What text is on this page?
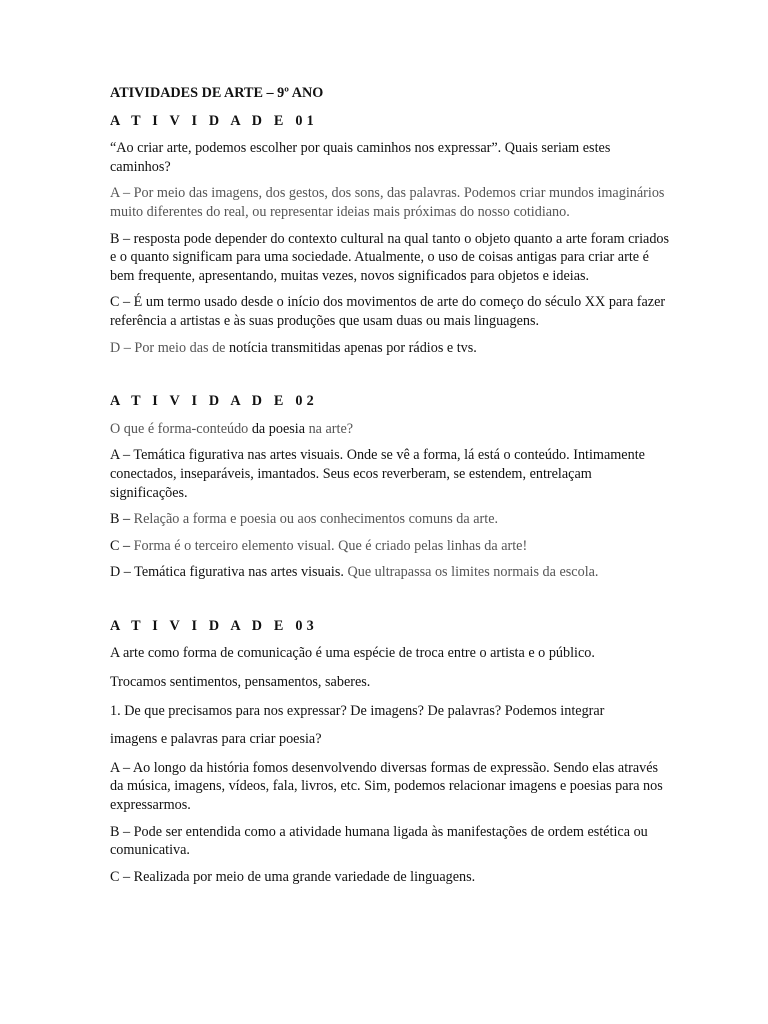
ATIVIDADES DE ARTE – 9º ANO
A T I V I D A D E 01

“Ao criar arte, podemos escolher por quais caminhos nos expressar”. Quais seriam estes caminhos?

A – Por meio das imagens, dos gestos, dos sons, das palavras. Podemos criar mundos imaginários muito diferentes do real, ou representar ideias mais próximas do nosso cotidiano.

B – resposta pode depender do contexto cultural na qual tanto o objeto quanto a arte foram criados e o quanto significam para uma sociedade. Atualmente, o uso de coisas antigas para criar arte é bem frequente, apresentando, muitas vezes, novos significados para objetos e ideias.

C – É um termo usado desde o início dos movimentos de arte do começo do século XX para fazer referência a artistas e às suas produções que usam duas ou mais linguagens.

D – Por meio das de notícia transmitidas apenas por rádios e tvs.

A T I V I D A D E 02

O que é forma-conteúdo da poesia na arte?

A – Temática figurativa nas artes visuais. Onde se vê a forma, lá está o conteúdo. Intimamente conectados, inseparáveis, imantados. Seus ecos reverberam, se estendem, entrelaçam significações.

B – Relação a forma e poesia ou aos conhecimentos comuns da arte.

C – Forma é o terceiro elemento visual. Que é criado pelas linhas da arte!

D – Temática figurativa nas artes visuais. Que ultrapassa os limites normais da escola.

A T I V I D A D E 03

A arte como forma de comunicação é uma espécie de troca entre o artista e o público.

Trocamos sentimentos, pensamentos, saberes.

1. De que precisamos para nos expressar? De imagens? De palavras? Podemos integrar

imagens e palavras para criar poesia?

A – Ao longo da história fomos desenvolvendo diversas formas de expressão. Sendo elas através da música, imagens, vídeos, fala, livros, etc. Sim, podemos relacionar imagens e poesias para nos expressarmos.

B – Pode ser entendida como a atividade humana ligada às manifestações de ordem estética ou comunicativa.

C – Realizada por meio de uma grande variedade de linguagens.
